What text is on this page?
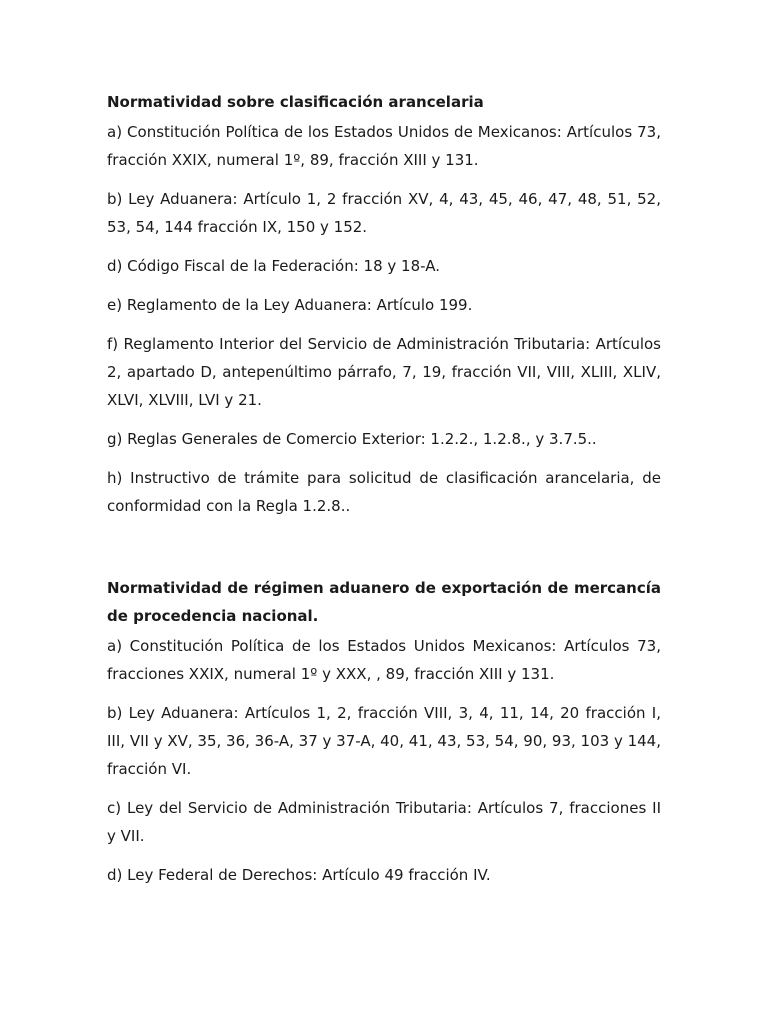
Normatividad sobre clasificación arancelaria

a) Constitución Política de los Estados Unidos de Mexicanos: Artículos 73, fracción XXIX, numeral 1º, 89, fracción XIII y 131.

b) Ley Aduanera: Artículo 1, 2 fracción XV, 4, 43, 45, 46, 47, 48, 51, 52, 53, 54, 144 fracción IX, 150 y 152.

d) Código Fiscal de la Federación: 18 y 18-A.

e) Reglamento de la Ley Aduanera: Artículo 199.

f) Reglamento Interior del Servicio de Administración Tributaria: Artículos 2, apartado D, antepenúltimo párrafo, 7, 19, fracción VII, VIII, XLIII, XLIV, XLVI, XLVIII, LVI y 21.

g) Reglas Generales de Comercio Exterior: 1.2.2., 1.2.8., y 3.7.5..

h) Instructivo de trámite para solicitud de clasificación arancelaria, de conformidad con la Regla 1.2.8..

Normatividad de régimen aduanero de exportación de mercancía de procedencia nacional.

a) Constitución Política de los Estados Unidos Mexicanos: Artículos 73, fracciones XXIX, numeral 1º y XXX, , 89, fracción XIII y 131.

b) Ley Aduanera: Artículos 1, 2, fracción VIII, 3, 4, 11, 14, 20 fracción I, III, VII y XV, 35, 36, 36-A, 37 y 37-A, 40, 41, 43, 53, 54, 90, 93, 103 y 144, fracción VI.

c) Ley del Servicio de Administración Tributaria: Artículos 7, fracciones II y VII.

d) Ley Federal de Derechos: Artículo 49 fracción IV.
